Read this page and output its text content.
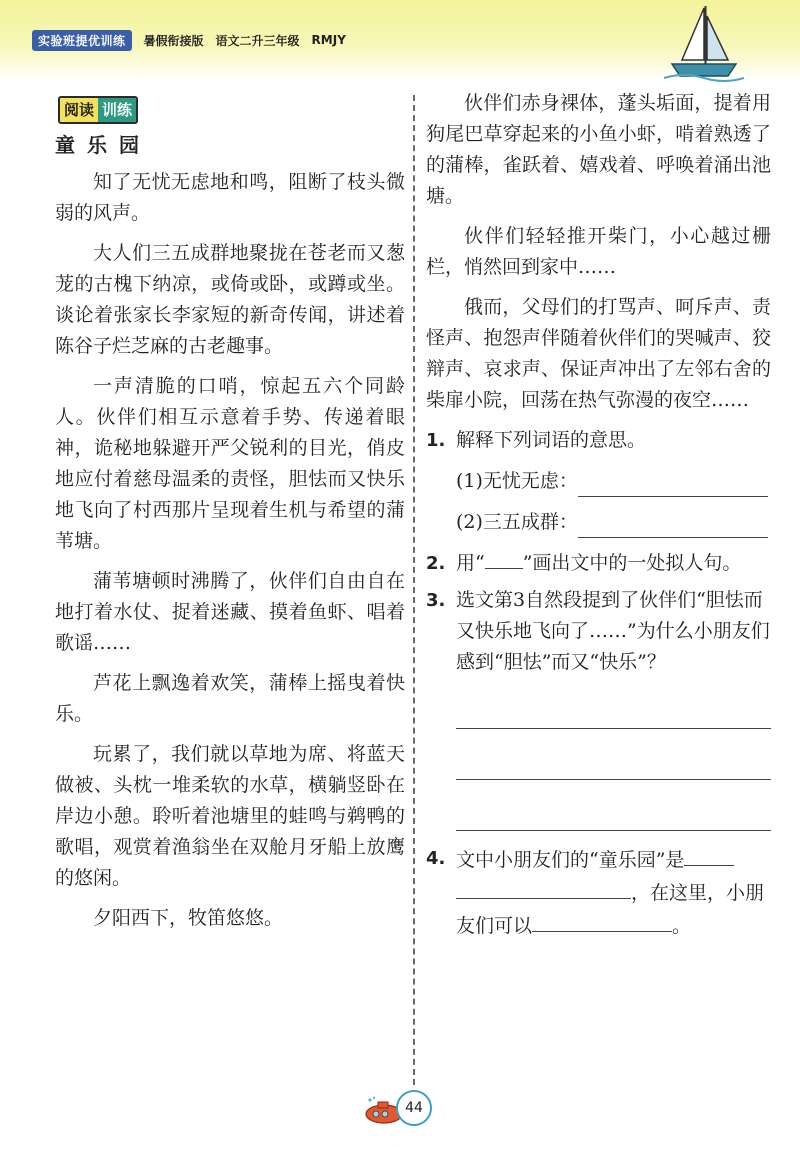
实验班提优训练	暑假衔接版 语文二升三年级 RMJY
阅读 训练

童乐园

知了无忧无虑地和鸣，阻断了枝头微弱的风声。

大人们三五成群地聚拢在苍老而又葱茏的古槐下纳凉，或倚或卧，或蹲或坐。谈论着张家长李家短的新奇传闻，讲述着陈谷子烂芝麻的古老趣事。

一声清脆的口哨，惊起五六个同龄人。伙伴们相互示意着手势、传递着眼神，诡秘地躲避开严父锐利的目光，俏皮地应付着慈母温柔的责怪，胆怯而又快乐地飞向了村西那片呈现着生机与希望的蒲苇塘。

蒲苇塘顿时沸腾了，伙伴们自由自在地打着水仗、捉着迷藏、摸着鱼虾、唱着歌谣……

芦花上飘逸着欢笑，蒲棒上摇曳着快乐。

玩累了，我们就以草地为席、将蓝天做被、头枕一堆柔软的水草，横躺竖卧在岸边小憩。聆听着池塘里的蛙鸣与鹈鸭的歌唱，观赏着渔翁坐在双舱月牙船上放鹰的悠闲。

夕阳西下，牧笛悠悠。

伙伴们赤身裸体，蓬头垢面，提着用狗尾巴草穿起来的小鱼小虾，啃着熟透了的蒲棒，雀跃着、嬉戏着、呼唤着涌出池塘。

伙伴们轻轻推开柴门，小心越过栅栏，悄然回到家中……

俄而，父母们的打骂声、呵斥声、责怪声、抱怨声伴随着伙伴们的哭喊声、狡辩声、哀求声、保证声冲出了左邻右舍的柴扉小院，回荡在热气弥漫的夜空……

1. 解释下列词语的意思。
(1)无忧无虑：
(2)三五成群：
2. 用“ ”画出文中的一处拟人句。
3. 选文第3自然段提到了伙伴们“胆怯而又快乐地飞向了……”为什么小朋友们感到“胆怯”而又“快乐”？
4. 文中小朋友们的“童乐园”是
，在这里，小朋友们可以	。
44
